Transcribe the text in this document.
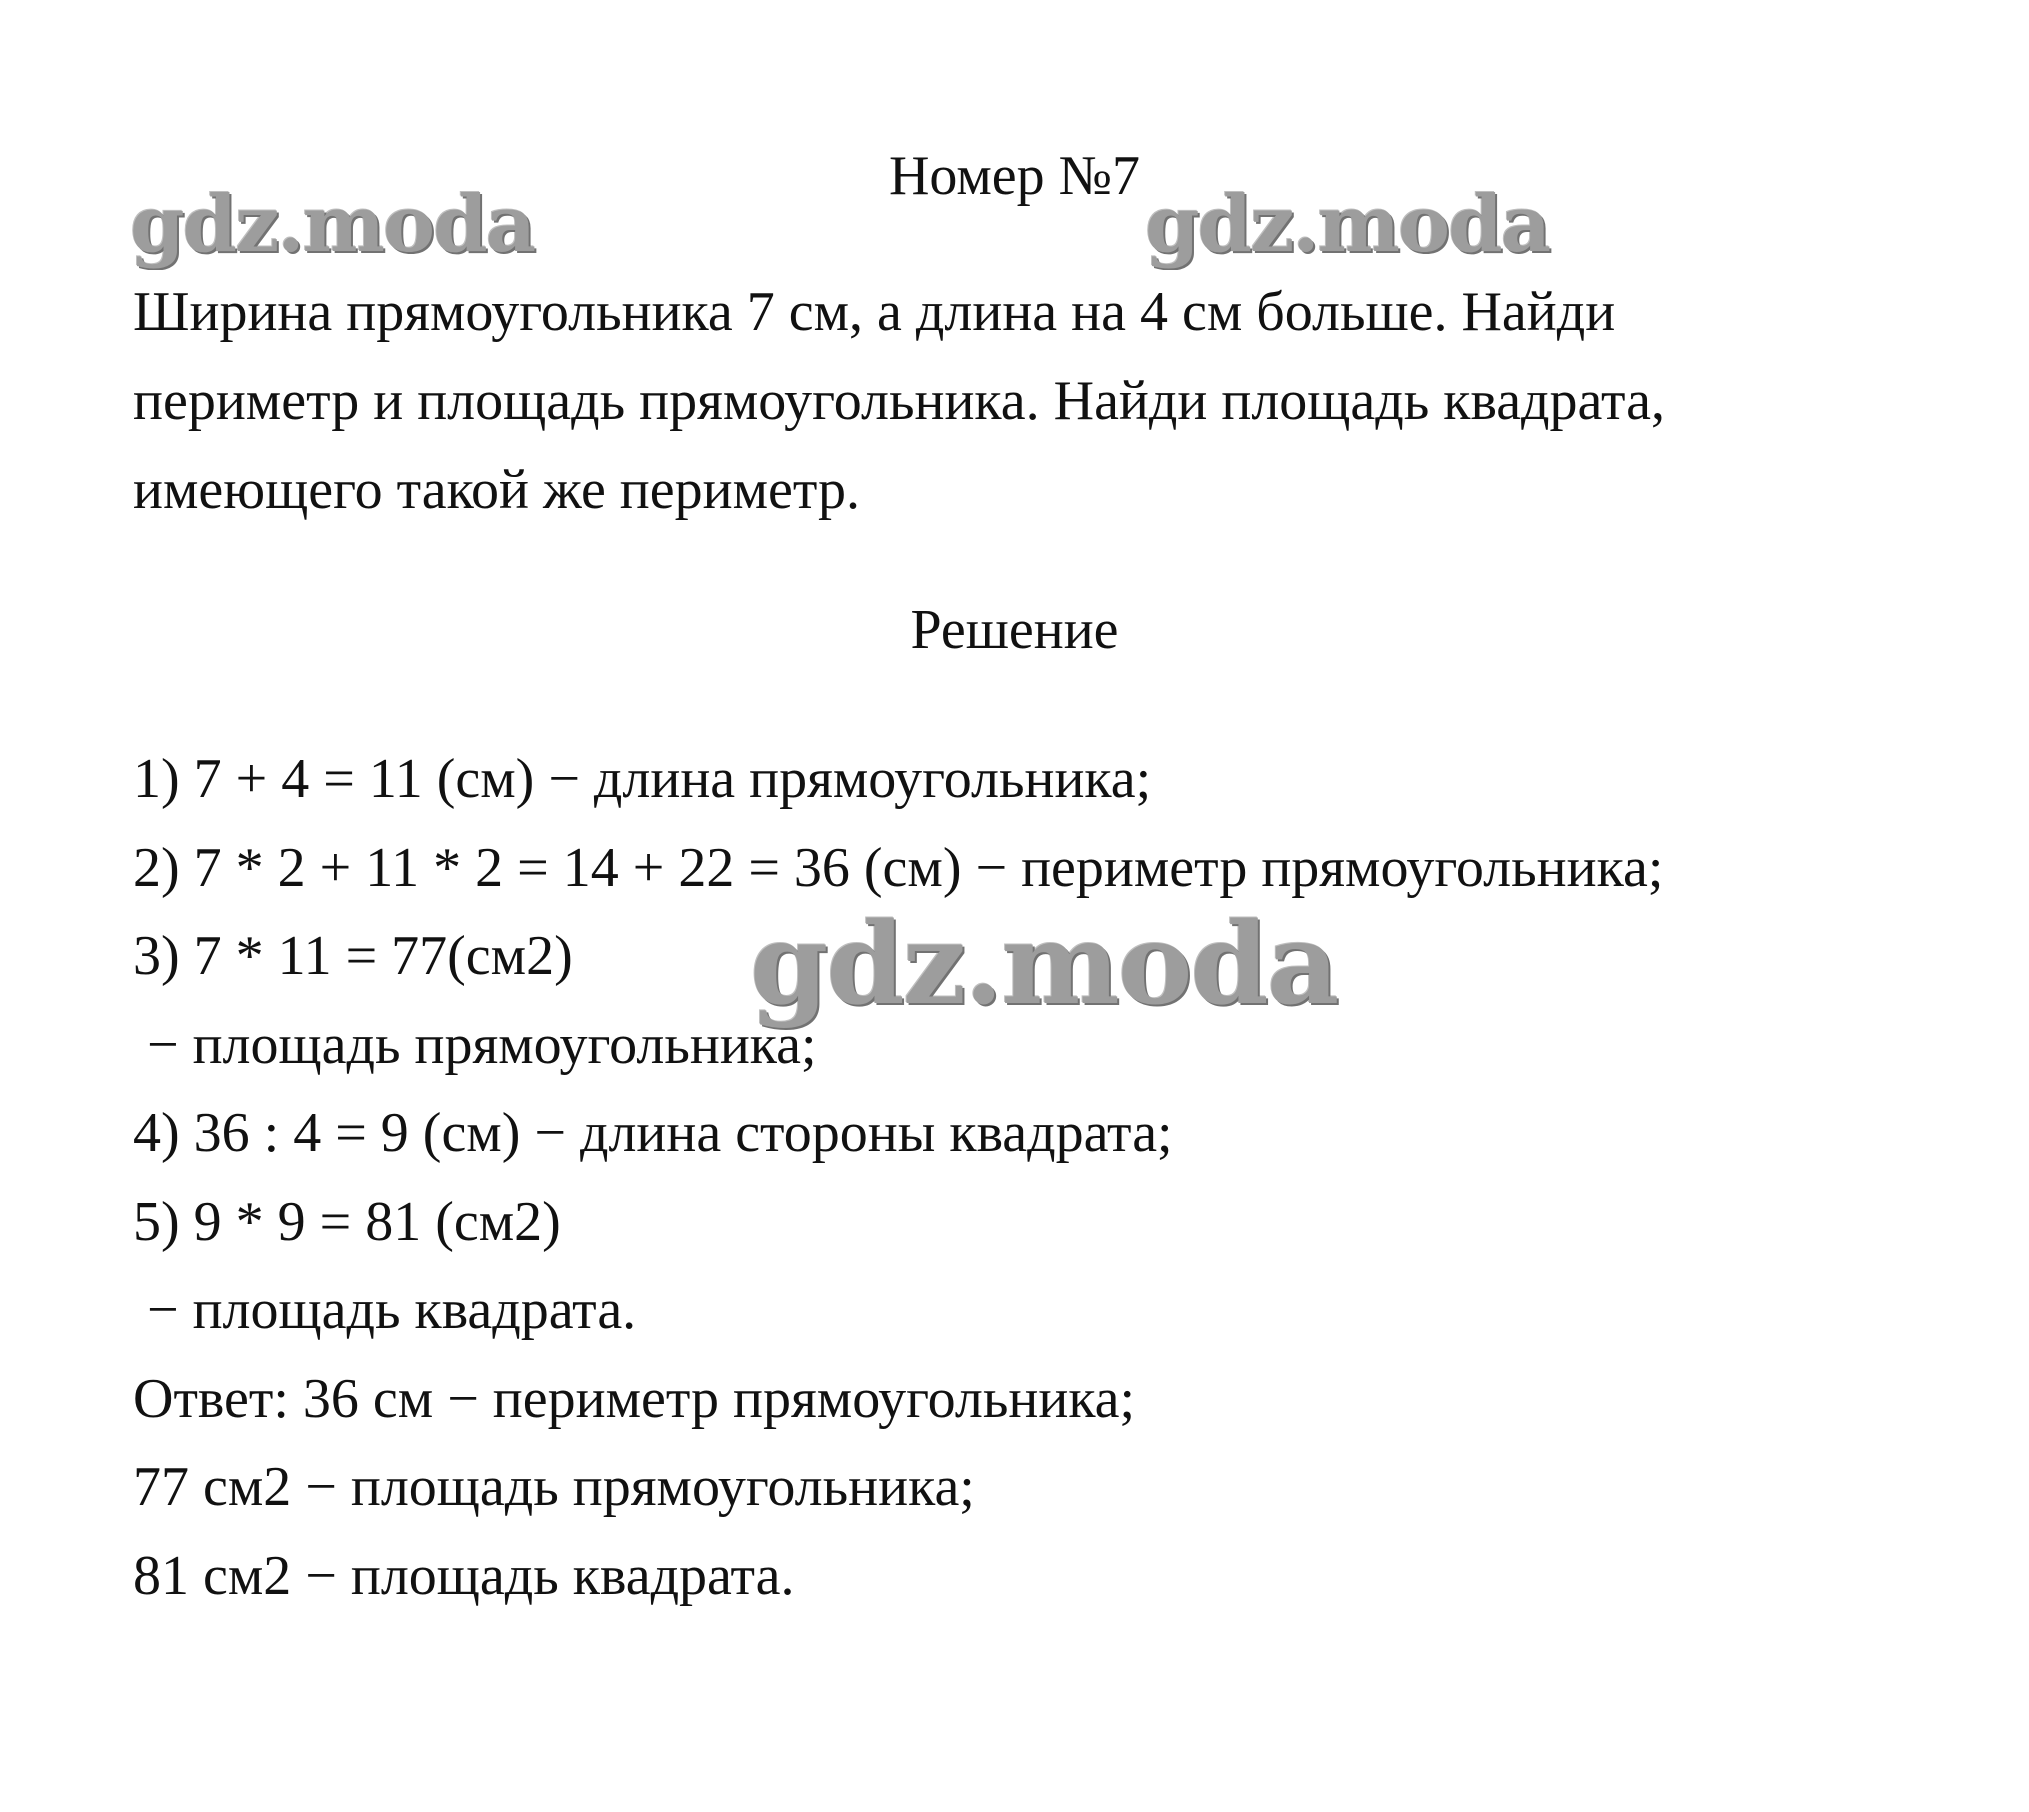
gdz.moda	gdz.moda
Номер №7
Ширина прямоугольника 7 см, а длина на 4 см больше. Найди
периметр и площадь прямоугольника. Найди площадь квадрата,
имеющего такой же периметр.
Решение
1) 7 + 4 = 11 (см) − длина прямоугольника;
2) 7 * 2 + 11 * 2 = 14 + 22 = 36 (см) − периметр прямоугольника;
3) 7 * 11 = 77(см2)
− площадь прямоугольника;
4) 36 : 4 = 9 (см) − длина стороны квадрата;
5) 9 * 9 = 81 (см2)
− площадь квадрата.
Ответ: 36 см − периметр прямоугольника;
77 см2 − площадь прямоугольника;
81 см2 − площадь квадрата.
gdz.moda
